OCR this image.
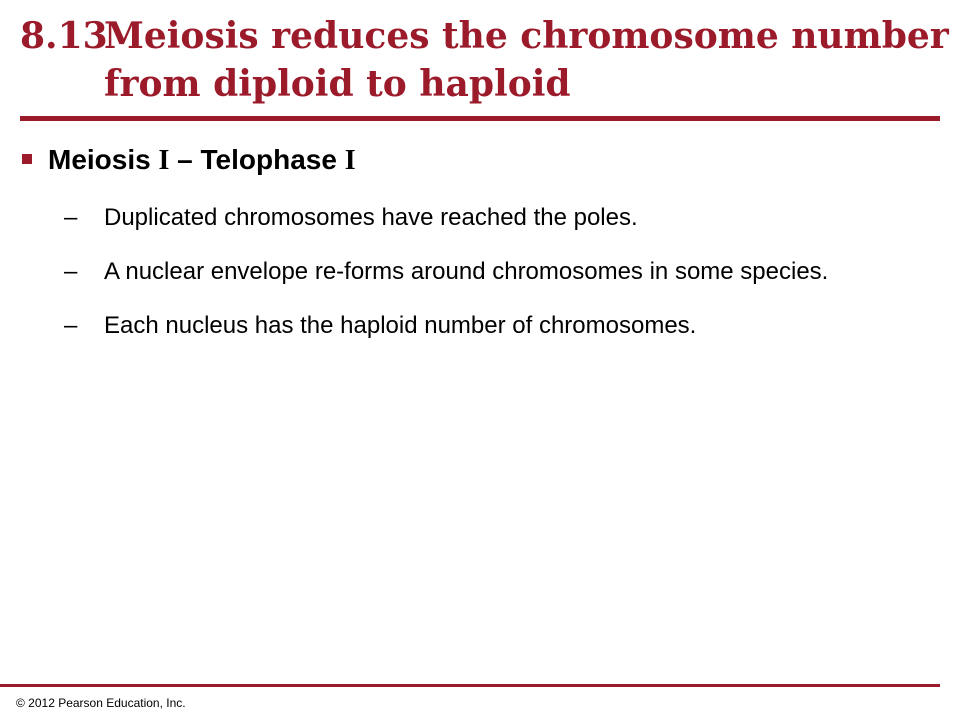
8.13Meiosis reduces the chromosome number
from diploid to haploid
Meiosis I – Telophase I
– Duplicated chromosomes have reached the poles.
– A nuclear envelope re-forms around chromosomes in some species.
– Each nucleus has the haploid number of chromosomes.
© 2012 Pearson Education, Inc.
